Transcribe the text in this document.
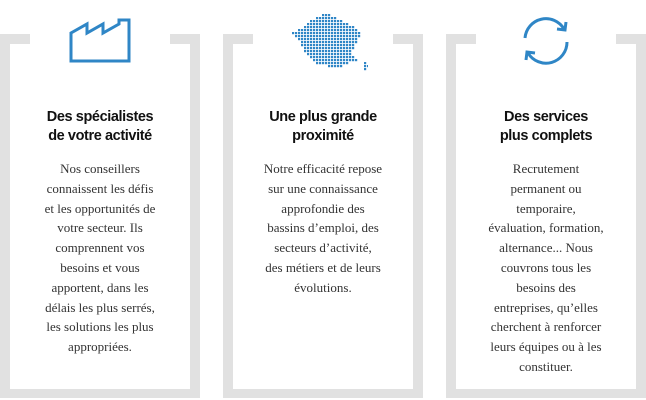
Des spécialistes
de votre activité

Nos conseillers
connaissent les défis
et les opportunités de
votre secteur. Ils
comprennent vos
besoins et vous
apportent, dans les
délais les plus serrés,
les solutions les plus
appropriées.

Une plus grande
proximité

Notre efficacité repose
sur une connaissance
approfondie des
bassins d’emploi, des
secteurs d’activité,
des métiers et de leurs
évolutions.

Des services
plus complets

Recrutement
permanent ou
temporaire,
évaluation, formation,
alternance... Nous
couvrons tous les
besoins des
entreprises, qu’elles
cherchent à renforcer
leurs équipes ou à les
constituer.
